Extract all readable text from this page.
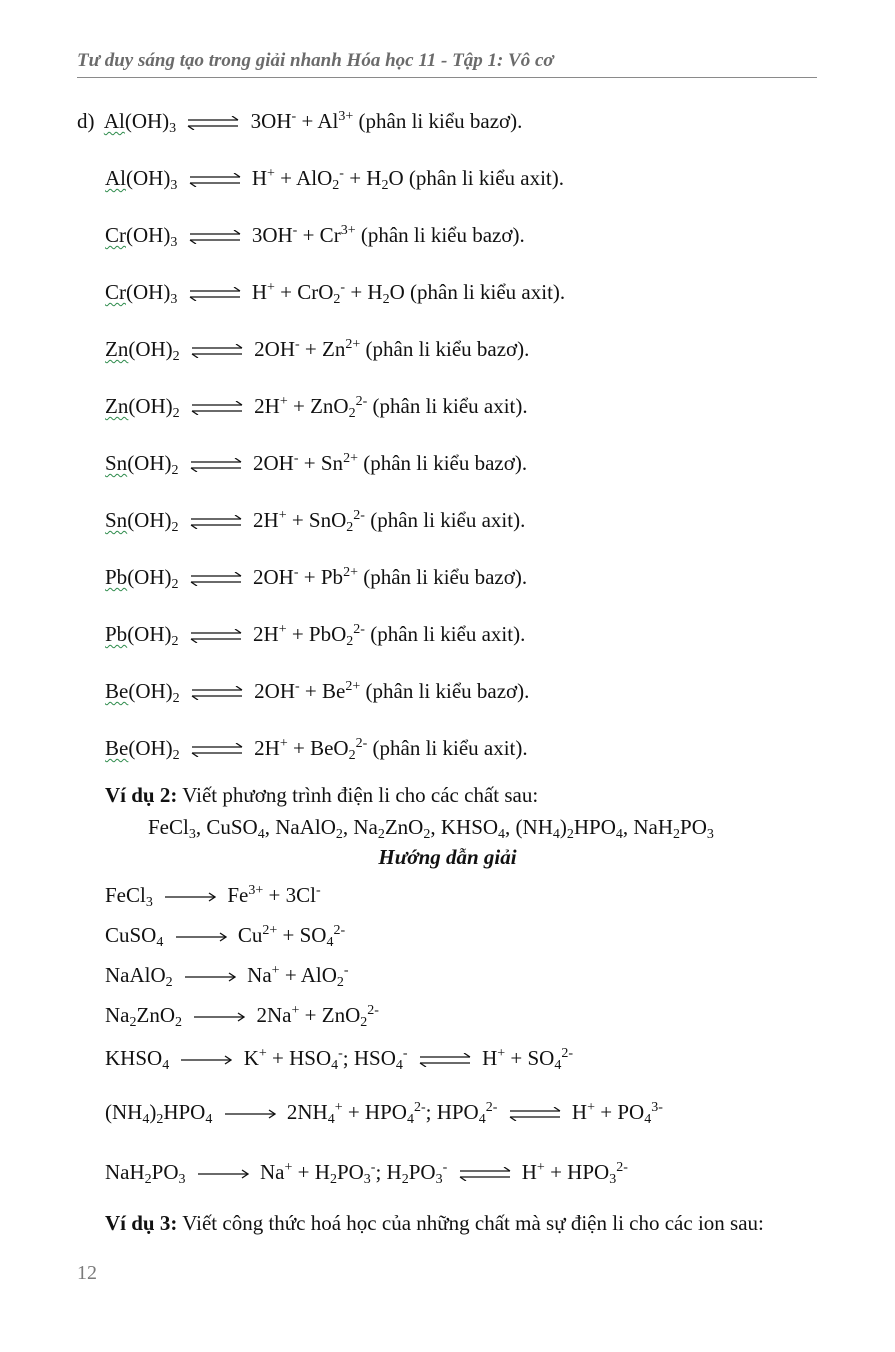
Tư duy sáng tạo trong giải nhanh Hóa học 11 - Tập 1: Vô cơ
d) $Al(OH)_3$ ⇌ $3OH^- + Al^{3+}$ (phân li kiểu bazơ).
$Al(OH)_3$ ⇌ $H^+ + AlO_2^- + H_2O$ (phân li kiểu axit).
$Cr(OH)_3$ ⇌ $3OH^- + Cr^{3+}$ (phân li kiểu bazơ).
$Cr(OH)_3$ ⇌ $H^+ + CrO_2^- + H_2O$ (phân li kiểu axit).
$Zn(OH)_2$ ⇌ $2OH^- + Zn^{2+}$ (phân li kiểu bazơ).
$Zn(OH)_2$ ⇌ 2H+ + ZnO$_2^{2-}$ (phân li kiểu axit).
$Sn(OH)_2$ ⇌ $2OH^- + Sn^{2+}$ (phân li kiểu bazơ).
$Sn(OH)_2$ ⇌ 2H+ + SnO$_2^{2-}$ (phân li kiểu axit).
$Pb(OH)_2$ ⇌ $2OH^- + Pb^{2+}$ (phân li kiểu bazơ).
$Pb(OH)_2$ ⇌ 2H+ + PbO$_2^{2-}$ (phân li kiểu axit).
$Be(OH)_2$ ⇌ $2OH^- + Be^{2+}$ (phân li kiểu bazơ).
$Be(OH)_2$ ⇌ 2H+ + BeO$_2^{2-}$ (phân li kiểu axit).
Ví dụ 2: Viết phương trình điện li cho các chất sau:
FeCl$_3$, CuSO$_4$, NaAlO$_2$, $Na_2ZnO_2$, $KHSO_4$, $(NH_4)_2HPO_4$, $NaH_2PO_3$
Hướng dẫn giải
FeCl$_3$	$Fe^{3+} + 3Cl^-$
CuSO$_4$	$Cu^{2+} + SO_4^{2-}$
NaAlO$_2$	Na+ + AlO$_2$-
$Na_2ZnO_2$	2Na+ + ZnO$_2^{2-}$
$KHSO_4$	$K^+ + HSO_4^-$; $HSO_4^-$ ⇌ $H^+ + SO_4^{2-}$
$(NH_4)_2HPO_4$	$2NH_4^+ + HPO_4^{2-}$; $HPO_4^{2-}$ ⇌ $H^+ + PO_4^{3-}$
$NaH_2PO_3$	$Na^+ + H_2PO_3^-$; $H_2PO_3^-$ ⇌ $H^+ + HPO_3^{2-}$
Ví dụ 3: Viết công thức hoá học của những chất mà sự điện li cho các ion sau:
12
